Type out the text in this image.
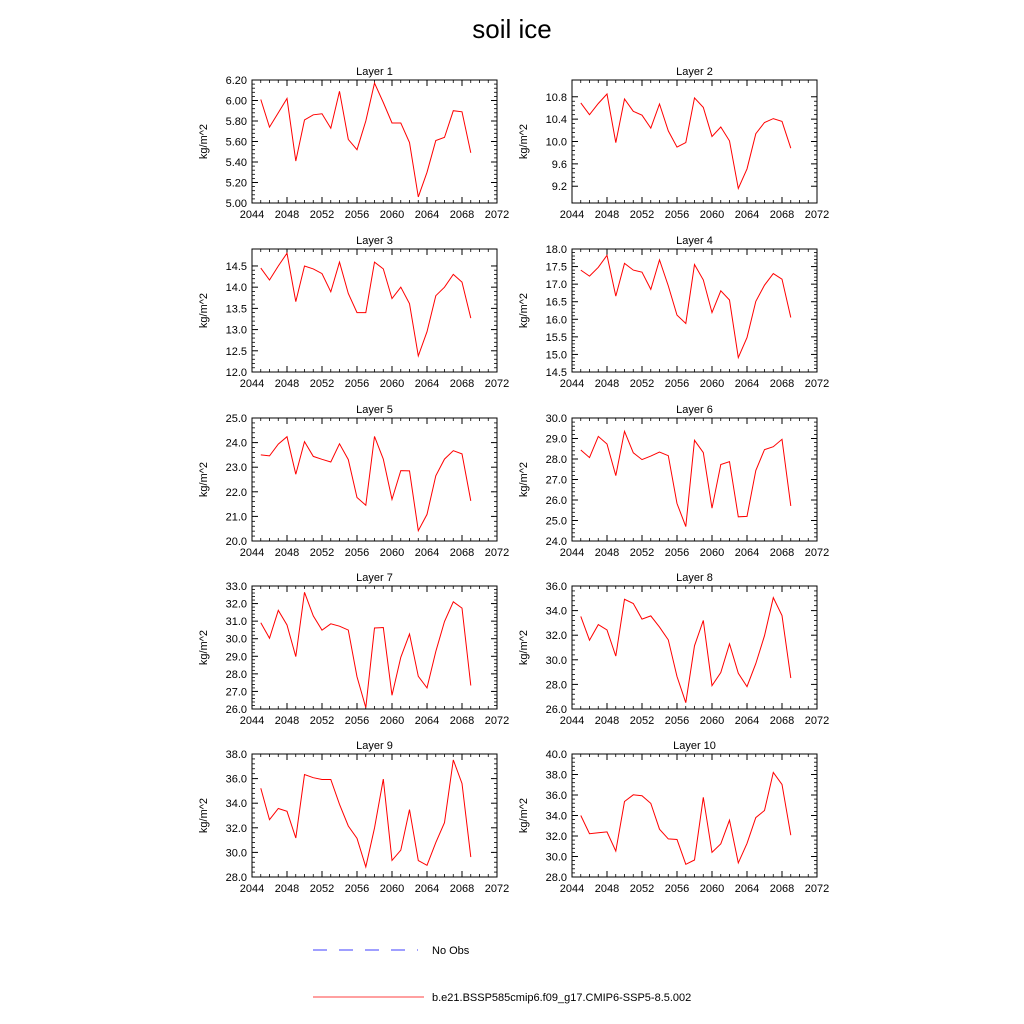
soil ice
Layer 1
kg/m^2
2044 2048 2052 2056 2060 2064 2068 2072
5.00
5.20
5.40
5.60
5.80
6.00
6.20
Layer 2
kg/m^2
2044 2048 2052 2056 2060 2064 2068 2072
9.2
9.6
10.0
10.4
10.8
Layer 3
kg/m^2
2044 2048 2052 2056 2060 2064 2068 2072
12.0
12.5
13.0
13.5
14.0
14.5
Layer 4
kg/m^2
2044 2048 2052 2056 2060 2064 2068 2072
14.5
15.0
15.5
16.0
16.5
17.0
17.5
18.0
Layer 5
kg/m^2
2044 2048 2052 2056 2060 2064 2068 2072
20.0
21.0
22.0
23.0
24.0
25.0
Layer 6
kg/m^2
2044 2048 2052 2056 2060 2064 2068 2072
24.0
25.0
26.0
27.0
28.0
29.0
30.0
Layer 7
kg/m^2
2044 2048 2052 2056 2060 2064 2068 2072
26.0
27.0
28.0
29.0
30.0
31.0
32.0
33.0
Layer 8
kg/m^2
2044 2048 2052 2056 2060 2064 2068 2072
26.0
28.0
30.0
32.0
34.0
36.0
Layer 9
kg/m^2
2044 2048 2052 2056 2060 2064 2068 2072
28.0
30.0
32.0
34.0
36.0
38.0
Layer 10
kg/m^2
2044 2048 2052 2056 2060 2064 2068 2072
28.0
30.0
32.0
34.0
36.0
38.0
40.0
No Obs
b.e21.BSSP585cmip6.f09_g17.CMIP6-SSP5-8.5.002
